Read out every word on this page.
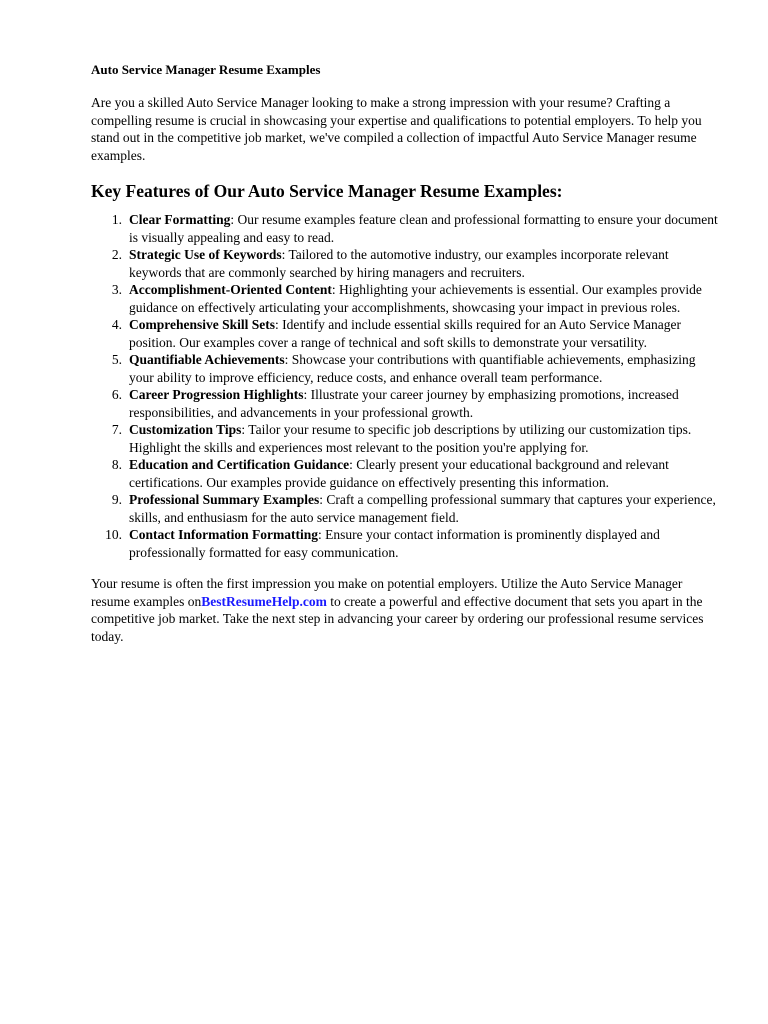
Auto Service Manager Resume Examples

Are you a skilled Auto Service Manager looking to make a strong impression with your resume? Crafting a compelling resume is crucial in showcasing your expertise and qualifications to potential employers. To help you stand out in the competitive job market, we've compiled a collection of impactful Auto Service Manager resume examples.

Key Features of Our Auto Service Manager Resume Examples:
1. Clear Formatting: Our resume examples feature clean and professional formatting to ensure your document is visually appealing and easy to read.
2. Strategic Use of Keywords: Tailored to the automotive industry, our examples incorporate relevant keywords that are commonly searched by hiring managers and recruiters.
3. Accomplishment-Oriented Content: Highlighting your achievements is essential. Our examples provide guidance on effectively articulating your accomplishments, showcasing your impact in previous roles.
4. Comprehensive Skill Sets: Identify and include essential skills required for an Auto Service Manager position. Our examples cover a range of technical and soft skills to demonstrate your versatility.
5. Quantifiable Achievements: Showcase your contributions with quantifiable achievements, emphasizing your ability to improve efficiency, reduce costs, and enhance overall team performance.
6. Career Progression Highlights: Illustrate your career journey by emphasizing promotions, increased responsibilities, and advancements in your professional growth.
7. Customization Tips: Tailor your resume to specific job descriptions by utilizing our customization tips. Highlight the skills and experiences most relevant to the position you're applying for.
8. Education and Certification Guidance: Clearly present your educational background and relevant certifications. Our examples provide guidance on effectively presenting this information.
9. Professional Summary Examples: Craft a compelling professional summary that captures your experience, skills, and enthusiasm for the auto service management field.
10. Contact Information Formatting: Ensure your contact information is prominently displayed and professionally formatted for easy communication.

Your resume is often the first impression you make on potential employers. Utilize the Auto Service Manager resume examples onBestResumeHelp.com to create a powerful and effective document that sets you apart in the competitive job market. Take the next step in advancing your career by ordering our professional resume services today.
